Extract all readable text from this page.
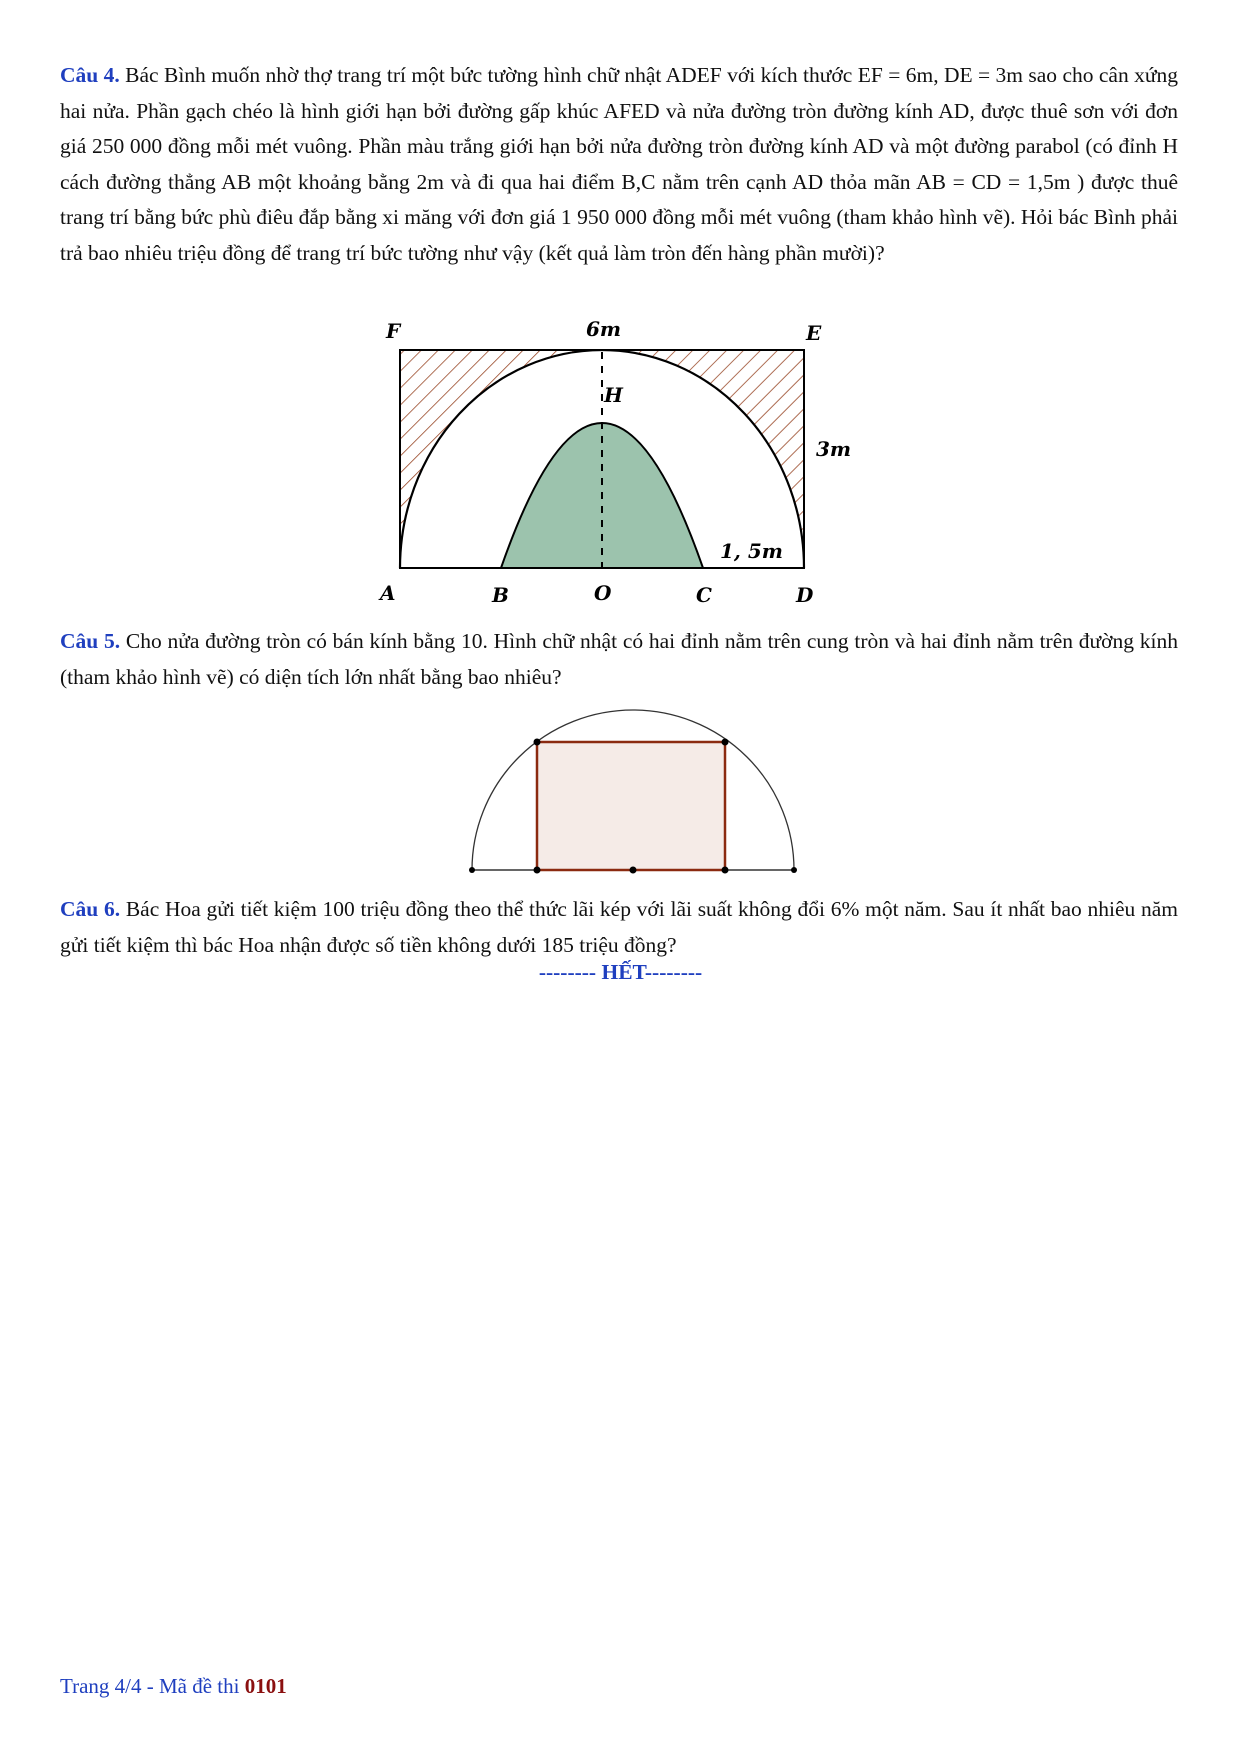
Câu 4. Bác Bình muốn nhờ thợ trang trí một bức tường hình chữ nhật ADEF với kích thước EF = 6m, DE = 3m sao cho cân xứng hai nửa. Phần gạch chéo là hình giới hạn bởi đường gấp khúc AFED và nửa đường tròn đường kính AD, được thuê sơn với đơn giá 250 000 đồng mỗi mét vuông. Phần màu trắng giới hạn bởi nửa đường tròn đường kính AD và một đường parabol (có đỉnh H cách đường thẳng AB một khoảng bằng 2m và đi qua hai điểm B,C nằm trên cạnh AD thỏa mãn AB = CD = 1,5m ) được thuê trang trí bằng bức phù điêu đắp bằng xi măng với đơn giá 1 950 000 đồng mỗi mét vuông (tham khảo hình vẽ). Hỏi bác Bình phải trả bao nhiêu triệu đồng để trang trí bức tường như vậy (kết quả làm tròn đến hàng phần mười)?
F	E
6m
3m
H
1, 5m
A	B	O	C	D
Câu 5. Cho nửa đường tròn có bán kính bằng 10. Hình chữ nhật có hai đỉnh nằm trên cung tròn và hai đỉnh nằm trên đường kính (tham khảo hình vẽ) có diện tích lớn nhất bằng bao nhiêu?
Câu 6. Bác Hoa gửi tiết kiệm 100 triệu đồng theo thể thức lãi kép với lãi suất không đổi 6% một năm. Sau ít nhất bao nhiêu năm gửi tiết kiệm thì bác Hoa nhận được số tiền không dưới 185 triệu đồng?
-------- HẾT--------
Trang 4/4 - Mã đề thi 0101
